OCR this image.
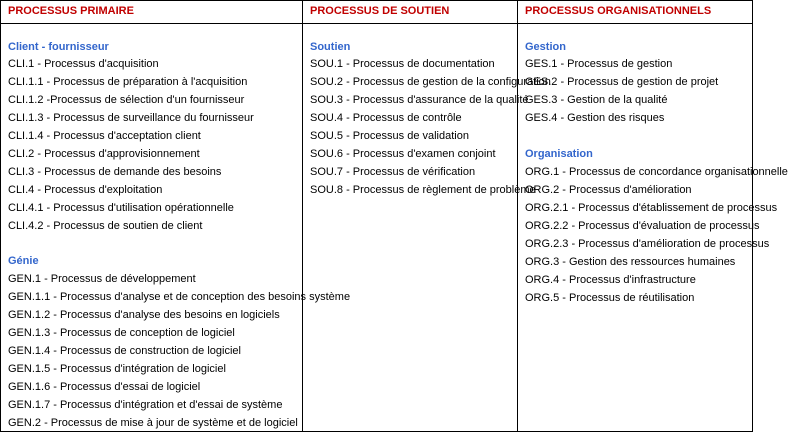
PROCESSUS PRIMAIRE
Client - fournisseur
CLI.1 - Processus d'acquisition
CLI.1.1 - Processus de préparation à l'acquisition
CLI.1.2 -Processus de sélection d'un fournisseur
CLI.1.3 - Processus de surveillance du fournisseur
CLI.1.4 - Processus d'acceptation client
CLI.2 - Processus d'approvisionnement
CLI.3 - Processus de demande des besoins
CLI.4 - Processus d'exploitation
CLI.4.1 - Processus d'utilisation opérationnelle
CLI.4.2 - Processus de soutien de client
Génie
GEN.1 - Processus de développement
GEN.1.1 - Processus d'analyse et de conception des besoins système
GEN.1.2 - Processus d'analyse des besoins en logiciels
GEN.1.3 - Processus de conception de logiciel
GEN.1.4 - Processus de construction de logiciel
GEN.1.5 - Processus d'intégration de logiciel
GEN.1.6 - Processus d'essai de logiciel
GEN.1.7 - Processus d'intégration et d'essai de système
GEN.2 - Processus de mise à jour de système et de logiciel
PROCESSUS DE SOUTIEN
Soutien
SOU.1 - Processus de documentation
SOU.2 - Processus de gestion de la configuration
SOU.3 - Processus d'assurance de la qualité
SOU.4 - Processus de contrôle
SOU.5 - Processus de validation
SOU.6 - Processus d'examen conjoint
SOU.7 - Processus de vérification
SOU.8 - Processus de règlement de problème
PROCESSUS ORGANISATIONNELS
Gestion
GES.1 - Processus de gestion
GES.2 - Processus de gestion de projet
GES.3 - Gestion de la qualité
GES.4 - Gestion des risques
Organisation
ORG.1 - Processus de concordance organisationnelle
ORG.2 - Processus d'amélioration
ORG.2.1 - Processus d'établissement de processus
ORG.2.2 - Processus d'évaluation de processus
ORG.2.3 - Processus d'amélioration de processus
ORG.3 - Gestion des ressources humaines
ORG.4 - Processus d'infrastructure
ORG.5 - Processus de réutilisation
